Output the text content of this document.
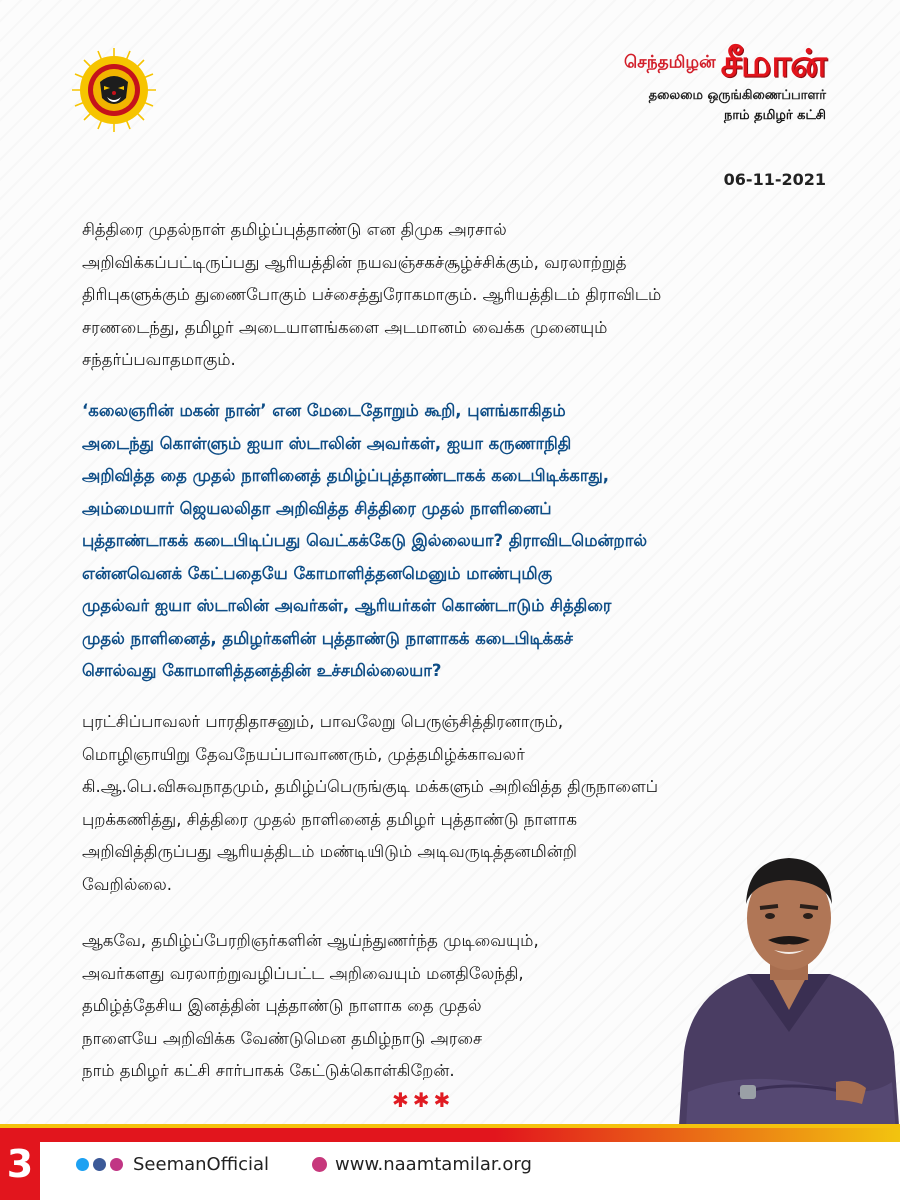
செந்தமிழன் சீமான்
தலைமை ஒருங்கிணைப்பாளர்
நாம் தமிழர் கட்சி
06-11-2021

சித்திரை முதல்நாள் தமிழ்ப்புத்தாண்டு என திமுக அரசால்
அறிவிக்கப்பட்டிருப்பது ஆரியத்தின் நயவஞ்சகச்சூழ்ச்சிக்கும், வரலாற்றுத்
திரிபுகளுக்கும் துணைபோகும் பச்சைத்துரோகமாகும். ஆரியத்திடம் திராவிடம்
சரணடைந்து, தமிழர் அடையாளங்களை அடமானம் வைக்க முனையும்
சந்தர்ப்பவாதமாகும்.

‘கலைஞரின் மகன் நான்’ என மேடைதோறும் கூறி, புளங்காகிதம்
அடைந்து கொள்ளும் ஐயா ஸ்டாலின் அவர்கள், ஐயா கருணாநிதி
அறிவித்த தை முதல் நாளினைத் தமிழ்ப்புத்தாண்டாகக் கடைபிடிக்காது,
அம்மையார் ஜெயலலிதா அறிவித்த சித்திரை முதல் நாளினைப்
புத்தாண்டாகக் கடைபிடிப்பது வெட்கக்கேடு இல்லையா? திராவிடமென்றால்
என்னவெனக் கேட்பதையே கோமாளித்தனமெனும் மாண்புமிகு
முதல்வர் ஐயா ஸ்டாலின் அவர்கள், ஆரியர்கள் கொண்டாடும் சித்திரை
முதல் நாளினைத், தமிழர்களின் புத்தாண்டு நாளாகக் கடைபிடிக்கச்
சொல்வது கோமாளித்தனத்தின் உச்சமில்லையா?

புரட்சிப்பாவலர் பாரதிதாசனும், பாவலேறு பெருஞ்சித்திரனாரும்,
மொழிஞாயிறு தேவநேயப்பாவாணரும், முத்தமிழ்க்காவலர்
கி.ஆ.பெ.விசுவநாதமும், தமிழ்ப்பெருங்குடி மக்களும் அறிவித்த திருநாளைப்
புறக்கணித்து, சித்திரை முதல் நாளினைத் தமிழர் புத்தாண்டு நாளாக
அறிவித்திருப்பது ஆரியத்திடம் மண்டியிடும் அடிவருடித்தனமின்றி
வேறில்லை.

ஆகவே, தமிழ்ப்பேரறிஞர்களின் ஆய்ந்துணர்ந்த முடிவையும்,
அவர்களது வரலாற்றுவழிப்பட்ட அறிவையும் மனதிலேந்தி,
தமிழ்த்தேசிய இனத்தின் புத்தாண்டு நாளாக தை முதல்
நாளையே அறிவிக்க வேண்டுமென தமிழ்நாடு அரசை
நாம் தமிழர் கட்சி சார்பாகக் கேட்டுக்கொள்கிறேன்.

✱✱✱
3	SeemanOfficial	www.naamtamilar.org
